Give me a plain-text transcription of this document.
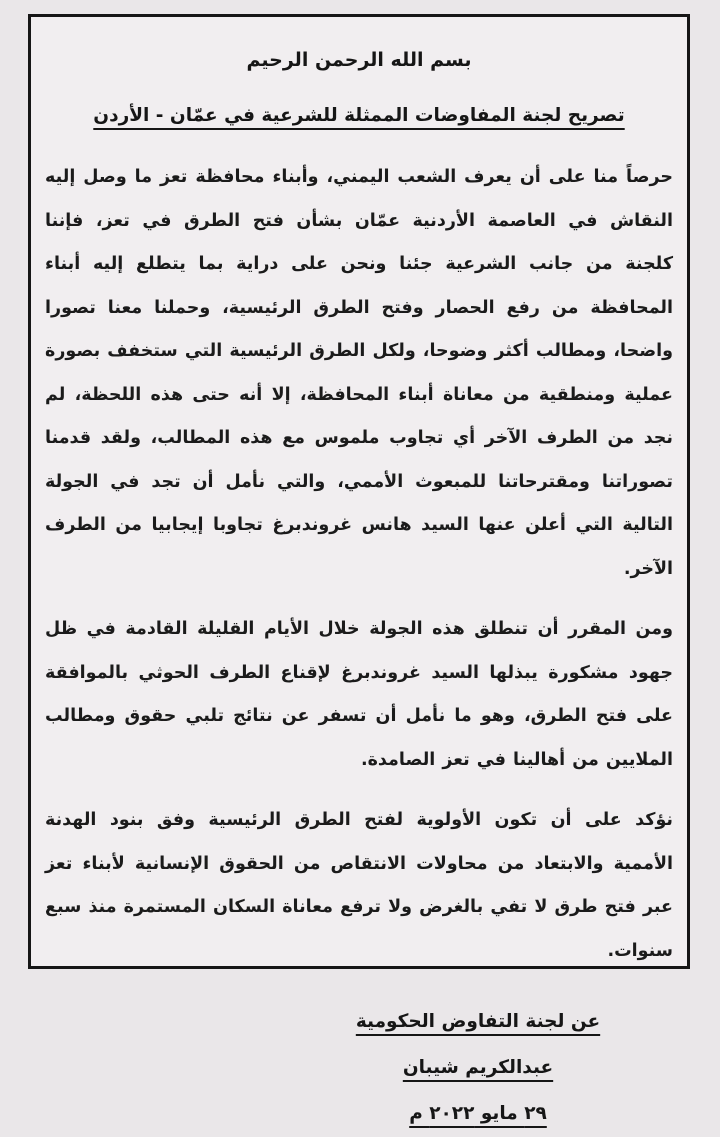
بسم الله الرحمن الرحيم
تصريح لجنة المفاوضات الممثلة للشرعية في عمّان - الأردن

حرصاً منا على أن يعرف الشعب اليمني، وأبناء محافظة تعز ما وصل إليه النقاش في العاصمة الأردنية عمّان بشأن فتح الطرق في تعز، فإننا كلجنة من جانب الشرعية جئنا ونحن على دراية بما يتطلع إليه أبناء المحافظة من رفع الحصار وفتح الطرق الرئيسية، وحملنا معنا تصورا واضحا، ومطالب أكثر وضوحا، ولكل الطرق الرئيسية التي ستخفف بصورة عملية ومنطقية من معاناة أبناء المحافظة، إلا أنه حتى هذه اللحظة، لم نجد من الطرف الآخر أي تجاوب ملموس مع هذه المطالب، ولقد قدمنا تصوراتنا ومقترحاتنا للمبعوث الأممي، والتي نأمل أن تجد في الجولة التالية التي أعلن عنها السيد هانس غروندبرغ تجاوبا إيجابيا من الطرف الآخر.

ومن المقرر أن تنطلق هذه الجولة خلال الأيام القليلة القادمة في ظل جهود مشكورة يبذلها السيد غروندبرغ لإقناع الطرف الحوثي بالموافقة على فتح الطرق، وهو ما نأمل أن تسفر عن نتائج تلبي حقوق ومطالب الملايين من أهالينا في تعز الصامدة.

نؤكد على أن تكون الأولوية لفتح الطرق الرئيسية وفق بنود الهدنة الأممية والابتعاد من محاولات الانتقاص من الحقوق الإنسانية لأبناء تعز عبر فتح طرق لا تفي بالغرض ولا ترفع معاناة السكان المستمرة منذ سبع سنوات.

عن لجنة التفاوض الحكومية
عبدالكريم شيبان
٢٩ مايو ٢٠٢٢ م
